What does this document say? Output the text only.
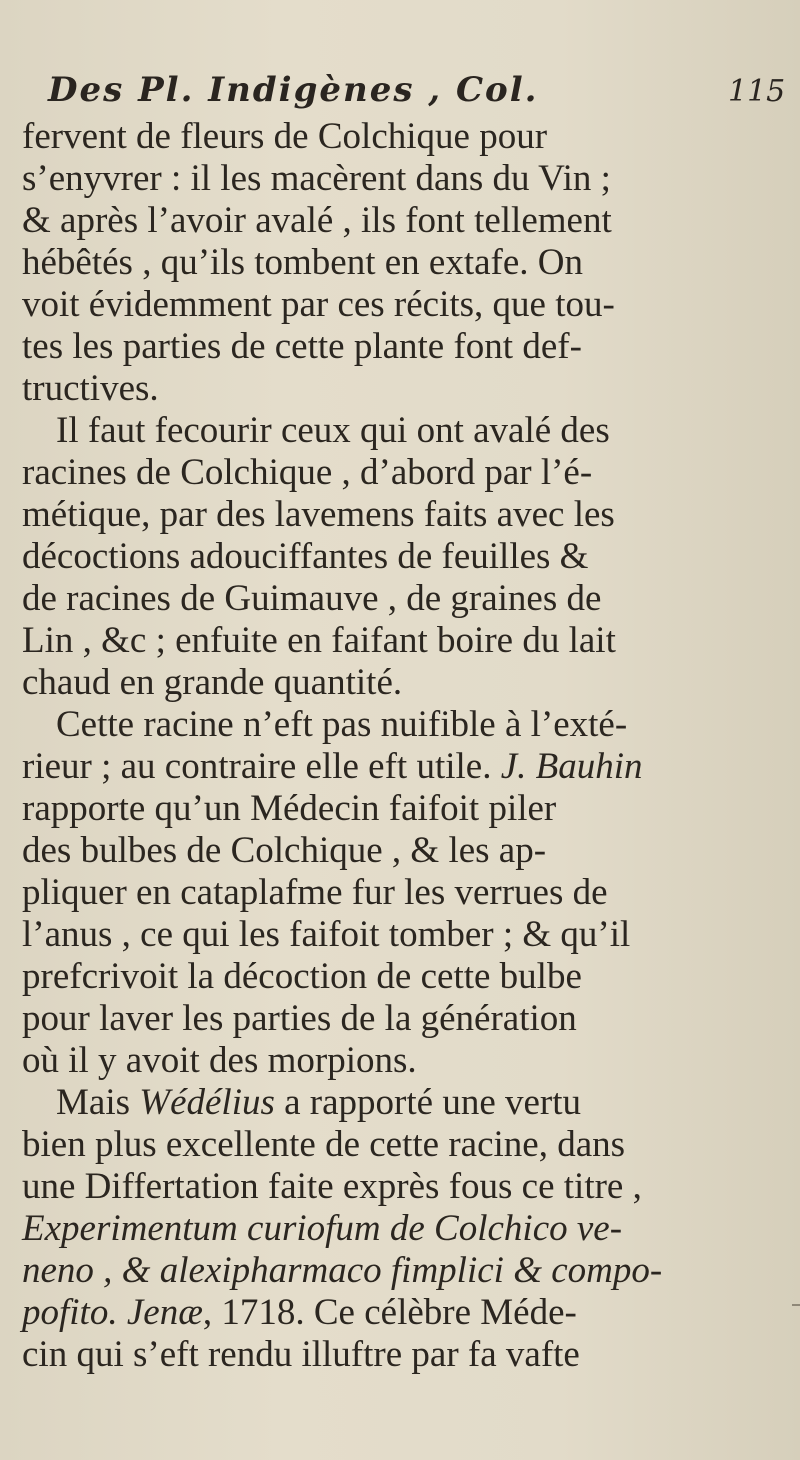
Des Pl. Indigènes , Col.	115
fervent de fleurs de Colchique pour
s’enyvrer : il les macèrent dans du Vin ;
& après l’avoir avalé , ils font tellement
hébêtés , qu’ils tombent en extafe. On
voit évidemment par ces récits, que tou-
tes les parties de cette plante font def-
tructives.
Il faut fecourir ceux qui ont avalé des
racines de Colchique , d’abord par l’é-
métique, par des lavemens faits avec les
décoctions adouciffantes de feuilles &
de racines de Guimauve , de graines de
Lin , &c ; enfuite en faifant boire du lait
chaud en grande quantité.
Cette racine n’eft pas nuifible à l’exté-
rieur ; au contraire elle eft utile. J. Bauhin
rapporte qu’un Médecin faifoit piler
des bulbes de Colchique , & les ap-
pliquer en cataplafme fur les verrues de
l’anus , ce qui les faifoit tomber ; & qu’il
prefcrivoit la décoction de cette bulbe
pour laver les parties de la génération
où il y avoit des morpions.
Mais Wédélius a rapporté une vertu
bien plus excellente de cette racine, dans
une Differtation faite exprès fous ce titre ,
Experimentum curiofum de Colchico ve-
neno , & alexipharmaco fimplici & compo-
pofito. Jenæ, 1718. Ce célèbre Méde-
cin qui s’eft rendu illuftre par fa vafte
